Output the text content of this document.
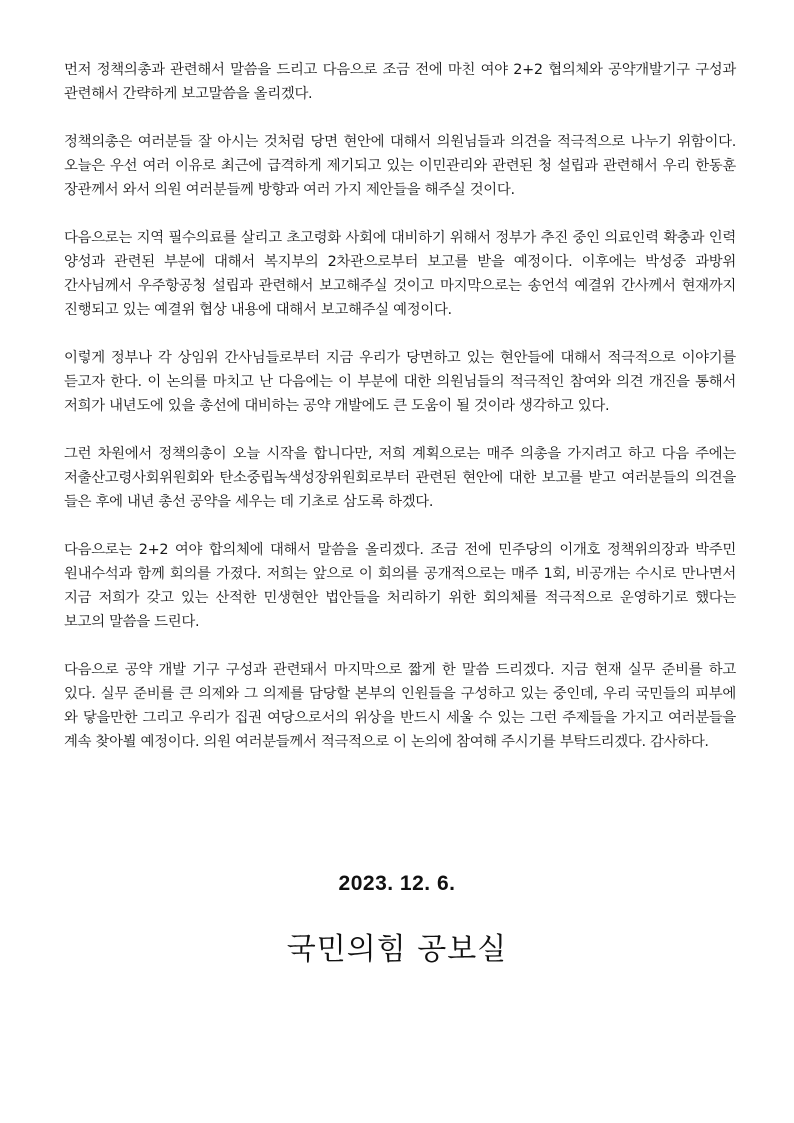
먼저 정책의총과 관련해서 말씀을 드리고 다음으로 조금 전에 마친 여야 2+2 협의체와 공약개발기구 구성과 관련해서 간략하게 보고말씀을 올리겠다.

정책의총은 여러분들 잘 아시는 것처럼 당면 현안에 대해서 의원님들과 의견을 적극적으로 나누기 위함이다. 오늘은 우선 여러 이유로 최근에 급격하게 제기되고 있는 이민관리와 관련된 청 설립과 관련해서 우리 한동훈 장관께서 와서 의원 여러분들께 방향과 여러 가지 제안들을 해주실 것이다.

다음으로는 지역 필수의료를 살리고 초고령화 사회에 대비하기 위해서 정부가 추진 중인 의료인력 확충과 인력 양성과 관련된 부분에 대해서 복지부의 2차관으로부터 보고를 받을 예정이다. 이후에는 박성중 과방위 간사님께서 우주항공청 설립과 관련해서 보고해주실 것이고 마지막으로는 송언석 예결위 간사께서 현재까지 진행되고 있는 예결위 협상 내용에 대해서 보고해주실 예정이다.

이렇게 정부나 각 상임위 간사님들로부터 지금 우리가 당면하고 있는 현안들에 대해서 적극적으로 이야기를 듣고자 한다. 이 논의를 마치고 난 다음에는 이 부분에 대한 의원님들의 적극적인 참여와 의견 개진을 통해서 저희가 내년도에 있을 총선에 대비하는 공약 개발에도 큰 도움이 될 것이라 생각하고 있다.

그런 차원에서 정책의총이 오늘 시작을 합니다만, 저희 계획으로는 매주 의총을 가지려고 하고 다음 주에는 저출산고령사회위원회와 탄소중립녹색성장위원회로부터 관련된 현안에 대한 보고를 받고 여러분들의 의견을 들은 후에 내년 총선 공약을 세우는 데 기초로 삼도록 하겠다.

다음으로는 2+2 여야 합의체에 대해서 말씀을 올리겠다. 조금 전에 민주당의 이개호 정책위의장과 박주민 원내수석과 함께 회의를 가졌다. 저희는 앞으로 이 회의를 공개적으로는 매주 1회, 비공개는 수시로 만나면서 지금 저희가 갖고 있는 산적한 민생현안 법안들을 처리하기 위한 회의체를 적극적으로 운영하기로 했다는 보고의 말씀을 드린다.

다음으로 공약 개발 기구 구성과 관련돼서 마지막으로 짧게 한 말씀 드리겠다. 지금 현재 실무 준비를 하고 있다. 실무 준비를 큰 의제와 그 의제를 담당할 본부의 인원들을 구성하고 있는 중인데, 우리 국민들의 피부에 와 닿을만한 그리고 우리가 집권 여당으로서의 위상을 반드시 세울 수 있는 그런 주제들을 가지고 여러분들을 계속 찾아뵐 예정이다. 의원 여러분들께서 적극적으로 이 논의에 참여해 주시기를 부탁드리겠다. 감사하다.

2023. 12. 6.
국민의힘 공보실
